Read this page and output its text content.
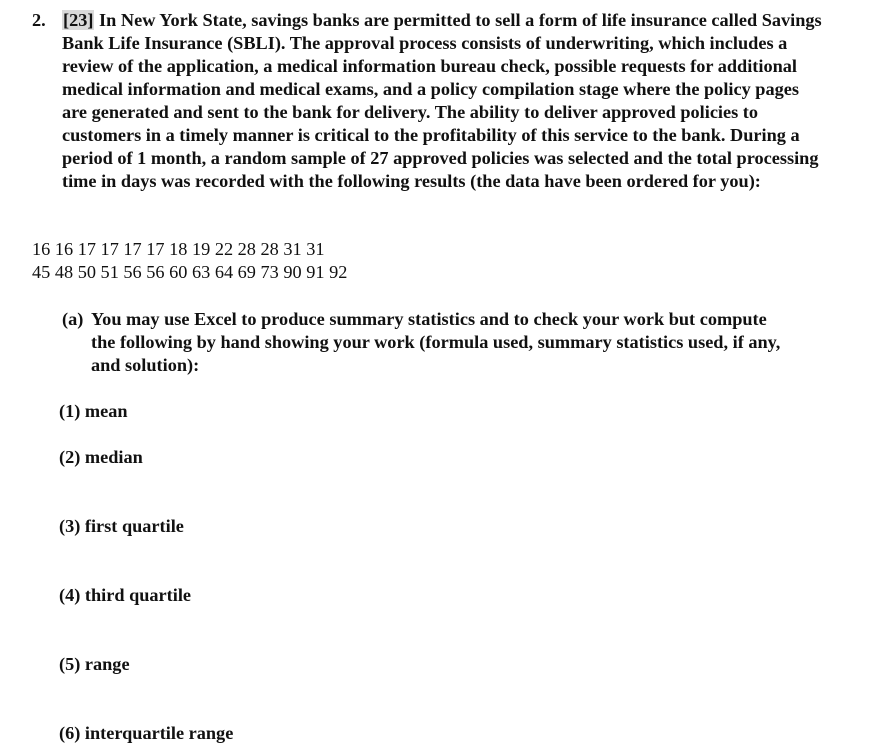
2. [23] In New York State, savings banks are permitted to sell a form of life insurance called Savings Bank Life Insurance (SBLI). The approval process consists of underwriting, which includes a review of the application, a medical information bureau check, possible requests for additional medical information and medical exams, and a policy compilation stage where the policy pages are generated and sent to the bank for delivery. The ability to deliver approved policies to customers in a timely manner is critical to the profitability of this service to the bank. During a period of 1 month, a random sample of 27 approved policies was selected and the total processing time in days was recorded with the following results (the data have been ordered for you):
16 16 17 17 17 17 18 19 22 28 28 31 31
45 48 50 51 56 56 60 63 64 69 73 90 91 92
(a) You may use Excel to produce summary statistics and to check your work but compute the following by hand showing your work (formula used, summary statistics used, if any, and solution):
(1) mean
(2) median
(3) first quartile
(4) third quartile
(5) range
(6) interquartile range
